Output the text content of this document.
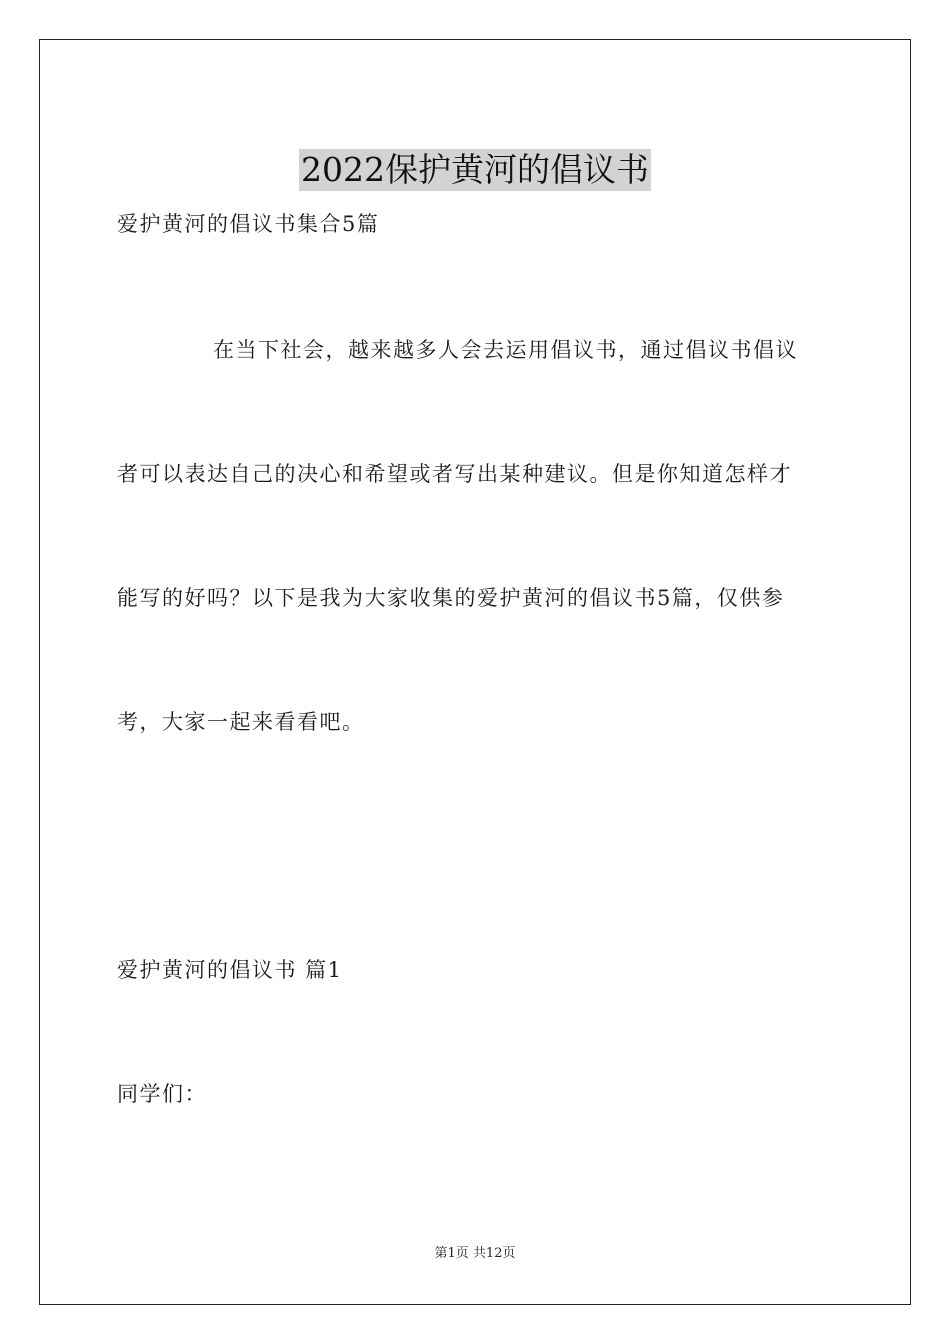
2022保护黄河的倡议书
爱护黄河的倡议书集合5篇
在当下社会，越来越多人会去运用倡议书，通过倡议书倡议
者可以表达自己的决心和希望或者写出某种建议。但是你知道怎样才
能写的好吗？以下是我为大家收集的爱护黄河的倡议书5篇，仅供参
考，大家一起来看看吧。
爱护黄河的倡议书 篇1
同学们：
第1页 共12页
